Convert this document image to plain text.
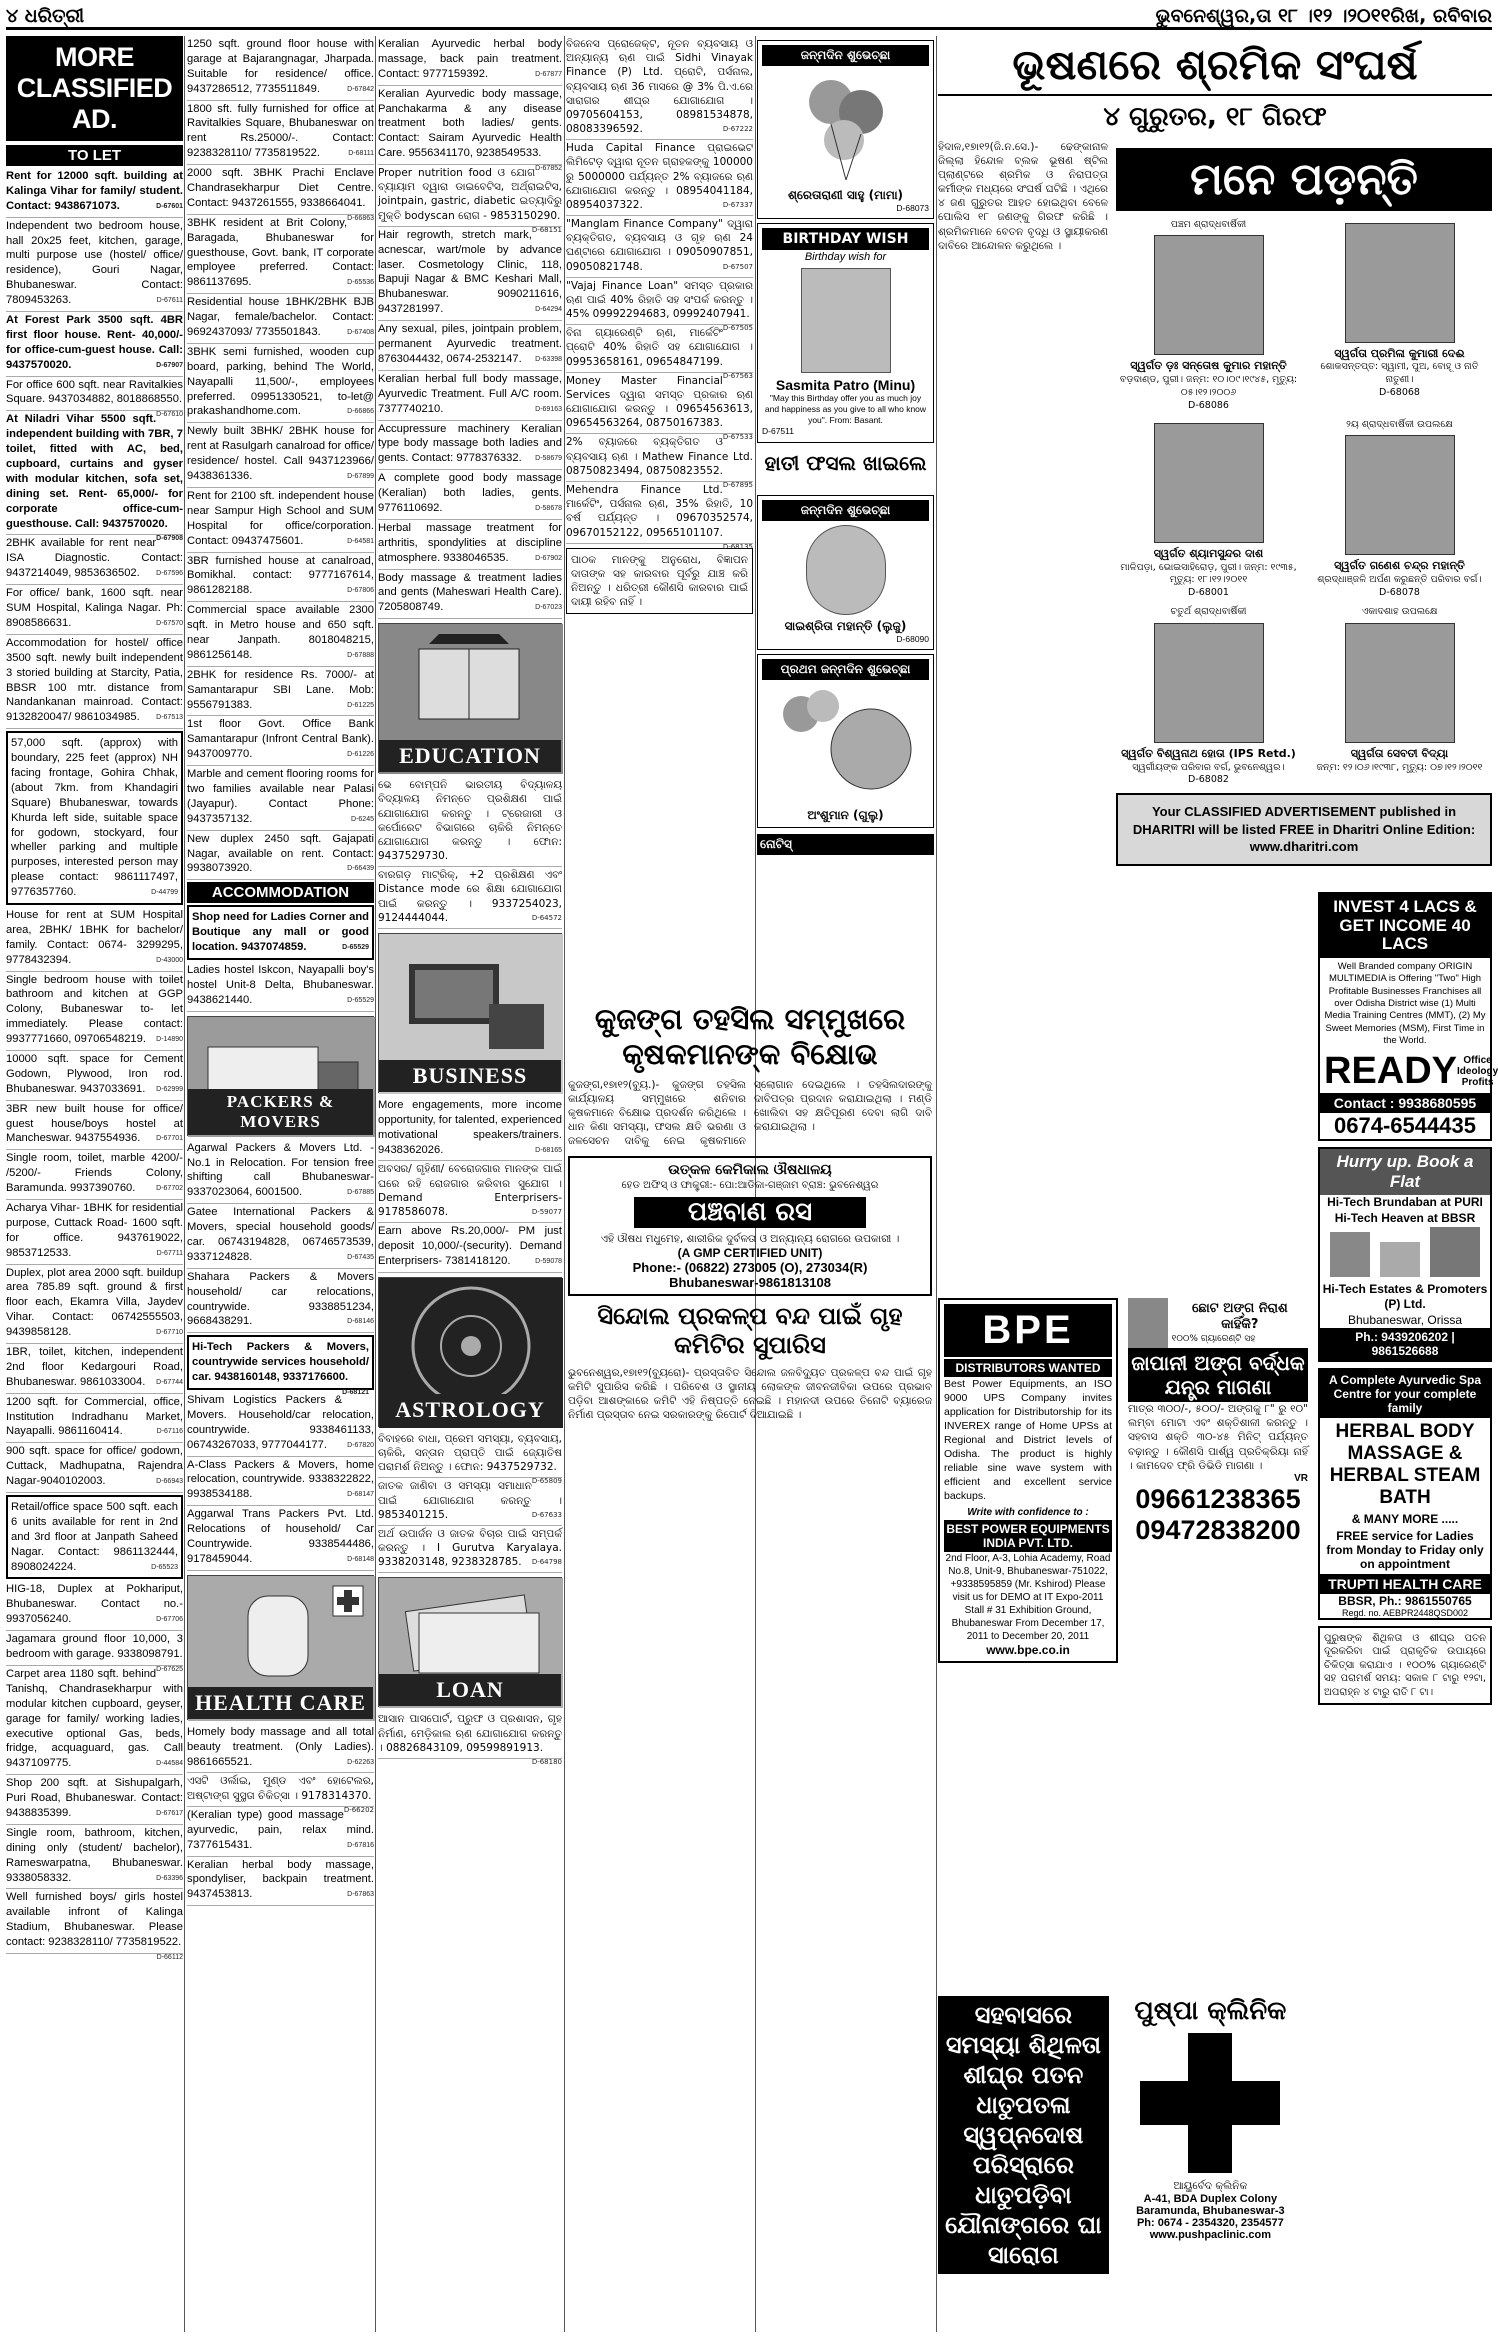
୪ ଧରିତ୍ରୀ	ଭୁବନେଶ୍ୱର,ତା ୧୮ ।୧୨ ।୨୦୧୧ରିଖ, ରବିବାର
MORE CLASSIFIED AD.
TO LET
Rent for 12000 sqft. building at Kalinga Vihar for family/ student. Contact: 9438671073.	D-67601
Independent two bedroom house, hall 20x25 feet, kitchen, garage, multi purpose use (hostel/ office/ residence), Gouri Nagar, Bhubaneswar. Contact: 7809453263.	D-67611
At Forest Park 3500 sqft. 4BR first floor house. Rent- 40,000/- for office-cum-guest house. Call: 9437570020.	D-67907
For office 600 sqft. near Ravitalkies Square. 9437034882, 8018868550.
D-67610
At Niladri Vihar 5500 sqft. independent building with 7BR, 7 toilet, fitted with AC, bed, cupboard, curtains and gyser with modular kitchen, sofa set, dining set. Rent- 65,000/- for corporate office-cum-guesthouse. Call: 9437570020.
D-67908
2BHK available for rent near ISA Diagnostic. Contact: 9437214049, 9853636502. D-67596
For office/ bank, 1600 sqft. near SUM Hospital, Kalinga Nagar. Ph: 8908586631.	D-67570
Accommodation for hostel/ office 3500 sqft. newly built independent 3 storied building at Starcity, Patia, BBSR 100 mtr. distance from Nandankanan mainroad. Contact: 9132820047/ 9861034985. D-67513
57,000 sqft. (approx) with boundary, 225 feet (approx) NH facing frontage, Gohira Chhak, (about 7km. from Khandagiri Square) Bhubaneswar, towards Khurda left side, suitable space for godown, stockyard, four wheller parking and multiple purposes, interested person may please contact: 9861117497, 9776357760.	D-44799
House for rent at SUM Hospital area, 2BHK/ 1BHK for bachelor/ family. Contact: 0674- 3299295, 9778432394.	D-43000
Single bedroom house with toilet bathroom and kitchen at GGP Colony, Bubaneswar to- let immediately. Please contact: 9937771660, 09706548219. D-14890
10000 sqft. space for Cement Godown, Plywood, Iron rod. Bhubaneswar. 9437033691. D-62999
3BR new built house for office/ guest house/boys hostel at Mancheswar. 9437554936. D-67701
Single room, toilet, marble 4200/- /5200/- Friends Colony, Baramunda. 9937390760.	D-67702
Acharya Vihar- 1BHK for residential purpose, Cuttack Road- 1600 sqft. for office. 9437619022, 9853712533.	D-67711
Duplex, plot area 2000 sqft. buildup area 785.89 sqft. ground & first floor each, Ekamra Villa, Jaydev Vihar. Contact: 06742555503, 9439858128.	D-67710
1BR, toilet, kitchen, independent 2nd floor Kedargouri Road, Bhubaneswar. 9861033004. D-67744
1200 sqft. for Commercial, office, Institution Indradhanu Market, Nayapalli. 9861160414.	D-67116
900 sqft. space for office/ godown, Cuttack, Madhupatna, Rajendra Nagar-9040102003.	D-66943
Retail/office space 500 sqft. each 6 units available for rent in 2nd and 3rd floor at Janpath Saheed Nagar. Contact: 9861132444, 8908024224.	D-65523
HIG-18, Duplex at Pokhariput, Bhubaneswar. Contact no.- 9937056240.	D-67706
Jagamara ground floor 10,000, 3 bedroom with garage. 9338098791.
D-67625
Carpet area 1180 sqft. behind Tanishq, Chandrasekharpur with modular kitchen cupboard, geyser, garage for family/ working ladies, executive optional Gas, beds, fridge, acquaguard, gas. Call 9437109775.	D-44584
Shop 200 sqft. at Sishupalgarh, Puri Road, Bhubaneswar. Contact: 9438835399.	D-67617
Single room, bathroom, kitchen, dining only (student/ bachelor), Rameswarpatna, Bhubaneswar. 9338058332.	D-63396
Well furnished boys/ girls hostel available infront of Kalinga Stadium, Bhubaneswar. Please contact: 9238328110/ 7735819522.
D-66112
1250 sqft. ground floor house with garage at Bajarangnagar, Jharpada. Suitable for residence/ office. 9437286512, 7735511849.	D-67842
1800 sft. fully furnished for office at Ravitalkies Square, Bhubaneswar on rent Rs.25000/-. Contact: 9238328110/ 7735819522.	D-68111
2000 sqft. 3BHK Prachi Enclave Chandrasekharpur Diet Centre. Contact: 9437261555, 9338664041.
D-66863
3BHK resident at Brit Colony, Baragada, Bhubaneswar for guesthouse, Govt. bank, IT corporate employee preferred. Contact: 9861137695.	D-65536
Residential house 1BHK/2BHK BJB Nagar, female/bachelor. Contact: 9692437093/ 7735501843.	D-67408
3BHK semi furnished, wooden cup board, parking, behind The World, Nayapalli 11,500/-, employees preferred. 09951330521, to-let@ prakashandhome.com.	D-66866
Newly built 3BHK/ 2BHK house for rent at Rasulgarh canalroad for office/ residence/ hostel. Call 9437123966/ 9438361336.	D-67899
Rent for 2100 sft. independent house near Sampur High School and SUM Hospital for office/corporation. Contact: 09437475601.	D-64581
3BR furnished house at canalroad, Bomikhal. contact: 9777167614, 9861282188.	D-67806
Commercial space available 2300 sqft. in Metro house and 650 sqft. near Janpath. 8018048215, 9861256148.	D-67888
2BHK for residence Rs. 7000/- at Samantarapur SBI Lane. Mob: 9556791383.	D-61225
1st floor Govt. Office Bank Samantarapur (Infront Central Bank). 9437009770.	D-61226
Marble and cement flooring rooms for two families available near Palasi (Jayapur). Contact Phone: 9437357132.	D-6245
New duplex 2450 sqft. Gajapati Nagar, available on rent. Contact: 9938073920.	D-66439
ACCOMMODATION
Shop need for Ladies Corner and Boutique any mall or good location. 9437074859.	D-65529
Ladies hostel Iskcon, Nayapalli boy's hostel Unit-8 Delta, Bhubaneswar. 9438621440.	D-65529
PACKERS & MOVERS
Agarwal Packers & Movers Ltd. - No.1 in Relocation. For tension free shifting call Bhubaneswar- 9337023064, 6001500.	D-67885
Gatee International Packers & Movers, special household goods/ car. 06743194828, 06746573539, 9337124828.	D-67435
Shahara Packers & Movers household/ car relocations, countrywide. 9338851234, 9668438291.	D-68146
Hi-Tech Packers & Movers, countrywide services household/ car. 9438160148, 9337176600.
D-68121
Shivam Logistics Packers & Movers. Household/car relocation, countrywide. 9338461133, 06743267033, 9777044177.	D-67820
A-Class Packers & Movers, home relocation, countrywide. 9338322822, 9938534188.	D-68147
Aggarwal Trans Packers Pvt. Ltd. Relocations of household/ Car Countrywide. 9338544486, 9178459044.	D-68148
HEALTH CARE
Homely body massage and all total beauty treatment. (Only Ladies). 9861665521.	D-62263
ଏସଟି ଓର୍ଲାଇ, ମୁଣ୍ଡ ଏବଂ ହୋଟେଲର, ଅଷ୍ଟାଙ୍ଗ ସୁସ୍ଥତା ଚିକିତ୍ସା । 9178314370.
D-66202
(Keralian type) good massage ayurvedic, pain, relax mind. 7377615431.	D-67816
Keralian herbal body massage, spondyliser, backpain treatment. 9437453813.	D-67863
Keralian Ayurvedic herbal body massage, back pain treatment. Contact: 9777159392.	D-67877
Keralian Ayurvedic body massage, Panchakarma & any disease treatment both ladies/ gents. Contact: Sairam Ayurvedic Health Care. 9556341170, 9238549533.
D-67852
Proper nutrition food ଓ ଯୋଗ ବ୍ୟାୟାମ ଦ୍ୱାରା ଡାଇବେଟିସ, ଅର୍ଥ୍ରାଇଟିସ, jointpain, gastric, diabetic ଇତ୍ୟାଦିରୁ ମୁକ୍ତି bodyscan ରୋଗ - 9853150290.
D-68151
Hair regrowth, stretch mark, acnescar, wart/mole by advance laser. Cosmetology Clinic, 118, Bapuji Nagar & BMC Keshari Mall, Bhubaneswar. 9090211616, 9437281997.	D-64294
Any sexual, piles, jointpain problem, permanent Ayurvedic treatment. 8763044432, 0674-2532147. D-63398
Keralian herbal full body massage, Ayurvedic Treatment. Full A/C room. 7377740210.	D-69163
Accupressure machinery Keralian type body massage both ladies and gents. Contact: 9778376332. D-58679
A complete good body massage (Keralian) both ladies, gents. 9776110692.	D-58678
Herbal massage treatment for arthritis, spondylities at discipline atmosphere. 9338046535.	D-67902
Body massage & treatment ladies and gents (Maheswari Health Care). 7205808749.	D-67023
EDUCATION
ଭେ ବୋମ୍ପନି ଭାରତୀୟ ବିଦ୍ୟାଳୟ ବିଦ୍ୟାଳୟ ନିମନ୍ତେ ପ୍ରଶିକ୍ଷଣ ପାଇଁ ଯୋଗାଯୋଗ କରନ୍ତୁ । ଟ୍ରେଜାରୀ ଓ କର୍ପୋରେଟ ବିଭାଗରେ ଚାକିରି ନିମନ୍ତେ ଯୋଗାଯୋଗ କରନ୍ତୁ । ଫୋନ: 9437529730.
ବାରଗଡ଼ ମାଟ୍ରିକ୍, +2 ପ୍ରଶିକ୍ଷଣ ଏବଂ Distance mode ରେ ଶିକ୍ଷା ଯୋଗାଯୋଗ ପାଇଁ କରନ୍ତୁ । 9337254023, 9124444044.	D-64572
BUSINESS
More engagements, more income opportunity, for talented, experienced motivational speakers/trainers. 9438362026.	D-68165
ଅବସର/ ଗୃହିଣୀ/ ବେରୋଜଗାର ମାନଙ୍କ ପାଇଁ ଘରେ ରହି ରୋଜଗାର କରିବାର ସୁଯୋଗ । Demand Enterprisers-9178586078.	D-59077
Earn above Rs.20,000/- PM just deposit 10,000/-(security). Demand Enterprisers- 7381418120.	D-59078
ASTROLOGY
ବିବାହରେ ବାଧା, ପ୍ରେମ ସମସ୍ୟା, ବ୍ୟବସାୟ, ଚାକିରି, ସନ୍ତାନ ପ୍ରାପ୍ତି ପାଇଁ ଜ୍ୟୋତିଷ ପରାମର୍ଶ ନିଅନ୍ତୁ । ଫୋନ: 9437529732.
D-65809
ଜାତକ ଜାଣିବା ଓ ସମସ୍ୟା ସମାଧାନ ପାଇଁ ଯୋଗାଯୋଗ କରନ୍ତୁ । 9853401215.	D-67633
ଅର୍ଥ ଉପାର୍ଜନ ଓ ଜାତକ ବିଚାର ପାଇଁ ସମ୍ପର୍କ କରନ୍ତୁ । I Gurutva Karyalaya. 9338203148, 9238328785. D-64798
LOAN
ଆସାନ ପାସପୋର୍ଟ, ପ୍ରୁଫ ଓ ପ୍ରଶାସନ, ଗୃହ ନିର୍ମାଣ, ମେଡ଼ିକାଲ ଋଣ ଯୋଗାଯୋଗ କରନ୍ତୁ । 08826843109, 09599891913.
D-68180
ବିଜନେସ ପ୍ରୋଜେକ୍ଟ, ନୂତନ ବ୍ୟବସାୟ ଓ ଅନ୍ୟାନ୍ୟ ଋଣ ପାଇଁ Sidhi Vinayak Finance (P) Ltd. ପ୍ରୋଟି, ପର୍ସନାଲ, ବ୍ୟବସାୟ ଋଣ 36 ମାସରେ @ 3% ପି.ଏ.ରେ ସାରାଗର ଶୀଘ୍ର ଯୋଗାଯୋଗ । 09705604153, 08981534878, 08083396592.	D-67222
Huda Capital Finance ପ୍ରାଇଭେଟ ଲିମିଟେଡ଼ ଦ୍ୱାରା ନୂତନ ଗ୍ରାହକଙ୍କୁ 100000 ରୁ 5000000 ପର୍ଯ୍ୟନ୍ତ 2% ବ୍ୟାଜରେ ଋଣ ଯୋଗାଯୋଗ କରନ୍ତୁ । 08954041184, 08954037322.	D-67337
"Manglam Finance Company" ଦ୍ୱାରା ବ୍ୟକ୍ତିଗତ, ବ୍ୟବସାୟ ଓ ଗୃହ ଋଣ 24 ଘଣ୍ଟାରେ ଯୋଗାଯୋଗ । 09050907851, 09050821748.	D-67507
"Vajaj Finance Loan" ସମସ୍ତ ପ୍ରକାର ଋଣ ପାଇଁ 40% ରିହାତି ସହ ସଂପର୍କ କରନ୍ତୁ । 45% 09992294683, 09992407941.
D-67505
ବିନା ଗ୍ୟାରେଣ୍ଟି ଋଣ, ମାର୍କେଟିଂ ପ୍ରୋଟି 40% ରିହାତି ସହ ଯୋଗାଯୋଗ । 09953658161, 09654847199.
D-67563
Money Master Financial Services ଦ୍ୱାରା ସମସ୍ତ ପ୍ରକାର ଋଣ ଯୋଗାଯୋଗ କରନ୍ତୁ । 09654563613, 09654563264, 08750167383.
D-67533
2% ବ୍ୟାଜରେ ବ୍ୟକ୍ତିଗତ ଓ ବ୍ୟବସାୟ ଋଣ । Mathew Finance Ltd. 08750823494, 08750823552.
D-67895
Mehendra Finance Ltd. ମାର୍କେଟିଂ, ପର୍ସନାଲ ଋଣ, 35% ରିହାତି, 10 ବର୍ଷ ପର୍ଯ୍ୟନ୍ତ । 09670352574, 09670152122, 09565101107.
D-68135
ପାଠକ ମାନଙ୍କୁ ଅନୁରୋଧ, ବିଜ୍ଞାପନ ଦାତାଙ୍କ ସହ କାରବାର ପୂର୍ବରୁ ଯାଞ୍ଚ କରି ନିଅନ୍ତୁ । ଧରିତ୍ରୀ କୌଣସି କାରବାର ପାଇଁ ଦାୟୀ ରହିବ ନାହିଁ ।
ଜନ୍ମଦିନ ଶୁଭେଚ୍ଛା
ଶ୍ରେତାରାଣୀ ସାହୁ (ମାମା)
D-68073
BIRTHDAY WISH
Birthday wish for
Sasmita Patro (Minu)
"May this Birthday offer you as much joy and happiness as you give to all who know you". From: Basant.
D-67511
ହାତୀ ଫସଲ ଖାଇଲେ
ଜନ୍ମଦିନ ଶୁଭେଚ୍ଛା
ସାଇଶ୍ରିତା ମହାନ୍ତି (ଲୁଜୁ)
D-68090
ପ୍ରଥମ ଜନ୍ମଦିନ ଶୁଭେଚ୍ଛା
ଅଂଶୁମାନ (ଗୁଲୁ)
ନୋଟିସ୍
କୁଜଙ୍ଗ ତହସିଲ ସମ୍ମୁଖରେ କୃଷକମାନଙ୍କ ବିକ୍ଷୋଭ
କୁଜଙ୍ଗ,୧୭ା୧୨(ବ୍ୟୁ.)- କୁଜଙ୍ଗ ତହସିଲ କାର୍ଯ୍ୟାଳୟ ସମ୍ମୁଖରେ ଶନିବାର କୃଷକମାନେ ବିକ୍ଷୋଭ ପ୍ରଦର୍ଶନ କରିଥିଲେ । ଧାନ କିଣା ସମସ୍ୟା, ଫସଲ କ୍ଷତି ଭରଣା ଓ ଜଳସେଚନ ଦାବିକୁ ନେଇ କୃଷକମାନେ ସ୍ଲୋଗାନ ଦେଇଥିଲେ । ତହସିଲଦାରଙ୍କୁ ଦାବିପତ୍ର ପ୍ରଦାନ କରାଯାଇଥିଲା । ମଣ୍ଡି ଖୋଲିବା ସହ କ୍ଷତିପୂରଣ ଦେବା ଲାଗି ଦାବି କରାଯାଇଥିଲା ।
ଉତ୍କଳ କେମିକାଲ ଔଷଧାଳୟ
ହେଡ ଅଫିସ୍ ଓ ଫାକ୍ଟ୍ରୀ:- ପୋ:ଆଡିକା-ଗଞ୍ଜାମ ବ୍ରାଞ୍ଚ: ଭୁବନେଶ୍ୱର
ପଞ୍ଚବାଣ ରସ
ଏହି ଔଷଧ ମଧୁମେହ, ଶାରୀରିକ ଦୁର୍ବଳତା ଓ ଅନ୍ୟାନ୍ୟ ରୋଗରେ ଉପକାରୀ ।
(A GMP CERTIFIED UNIT)
Phone:- (06822) 273005 (O), 273034(R)
Bhubaneswar-9861813108
ସିନ୍ଦୋଲ ପ୍ରକଳ୍ପ ବନ୍ଦ ପାଇଁ ଗୃହ କମିଟିର ସୁପାରିସ
ଭୁବନେଶ୍ୱର,୧୭ା୧୨(ବ୍ୟୁରୋ)- ପ୍ରସ୍ତାବିତ ସିନ୍ଦୋଲ ଜଳବିଦ୍ୟୁତ ପ୍ରକଳ୍ପ ବନ୍ଦ ପାଇଁ ଗୃହ କମିଟି ସୁପାରିସ କରିଛି । ପରିବେଶ ଓ ସ୍ଥାନୀୟ ଲୋକଙ୍କ ଜୀବନଜୀବିକା ଉପରେ ପ୍ରଭାବ ପଡ଼ିବା ଆଶଙ୍କାରେ କମିଟି ଏହି ନିଷ୍ପତ୍ତି ନେଇଛି । ମହାନଦୀ ଉପରେ ତିନୋଟି ବ୍ୟାରେଜ ନିର୍ମାଣ ପ୍ରସ୍ତାବ ନେଇ ସରକାରଙ୍କୁ ରିପୋର୍ଟ ଦିଆଯାଇଛି ।
ଭୂଷଣରେ ଶ୍ରମିକ ସଂଘର୍ଷ
୪ ଗୁରୁତର, ୧୮ ଗିରଫ
ହିଦାଳ,୧୭ା୧୨(ଜି.ନ.ସେ.)- ଢେଙ୍କାନାଳ ଜିଲ୍ଲା ହିନ୍ଦୋଳ ବ୍ଲକ ଭୂଷଣ ଷ୍ଟିଲ ପ୍ଲାଣ୍ଟରେ ଶ୍ରମିକ ଓ ନିରାପତ୍ତା କର୍ମୀଙ୍କ ମଧ୍ୟରେ ସଂଘର୍ଷ ଘଟିଛି । ଏଥିରେ ୪ ଜଣ ଗୁରୁତର ଆହତ ହୋଇଥିବା ବେଳେ ପୋଲିସ ୧୮ ଜଣଙ୍କୁ ଗିରଫ କରିଛି । ଶ୍ରମିକମାନେ ବେତନ ବୃଦ୍ଧି ଓ ସ୍ଥାୟୀକରଣ ଦାବିରେ ଆନ୍ଦୋଳନ କରୁଥିଲେ ।
ମନେ ପଡ଼ନ୍ତି
ପଞ୍ଚମ ଶ୍ରାଦ୍ଧବାର୍ଷିକୀ
ସ୍ୱର୍ଗତ ଡ଼ଃ ସନ୍ତୋଷ କୁମାର ମହାନ୍ତି
ବଡ଼ଦାଣ୍ଡ, ପୁରୀ। ଜନ୍ମ: ୧୦।୦୯।୧୯୪୫, ମୃତ୍ୟୁ: ୦୫।୧୨।୨୦୦୬
D-68086
ସ୍ୱର୍ଗତା ପ୍ରମିଳା କୁମାରୀ ଦେଈ
ଶୋକସନ୍ତପ୍ତ: ସ୍ୱାମୀ, ପୁଅ, ବୋହୂ ଓ ନାତି ନାତୁଣୀ।
D-68068
ସ୍ୱର୍ଗତ ଶ୍ୟାମସୁନ୍ଦର ଦାଶ
ମାଳିପଡ଼ା, ଭୋଇସାହିରୋଡ଼, ପୁରୀ। ଜନ୍ମ: ୧୯୩୫, ମୃତ୍ୟୁ: ୧୮।୧୨।୨୦୧୧
D-68001
୨ୟ ଶ୍ରାଦ୍ଧବାର୍ଷିକୀ ଉପଲକ୍ଷେ
ସ୍ୱର୍ଗତ ଗଣେଶ ଚନ୍ଦ୍ର ମହାନ୍ତି
ଶ୍ରଦ୍ଧାଞ୍ଜଳି ଅର୍ପଣ କରୁଛନ୍ତି ପରିବାର ବର୍ଗ।
D-68078
ଚତୁର୍ଥ ଶ୍ରାଦ୍ଧବାର୍ଷିକୀ
ସ୍ୱର୍ଗତ ବିଶ୍ୱନାଥ ହୋତା (IPS Retd.)
ସ୍ୱର୍ଗୀୟଙ୍କ ପରିବାର ବର୍ଗ, ଭୁବନେଶ୍ୱର।
D-68082
ଏକାଦଶାହ ଉପଲକ୍ଷେ
ସ୍ୱର୍ଗତା ସେବତୀ ବିଦ୍ୟା
ଜନ୍ମ: ୧୨।୦୬।୧୯୩୮, ମୃତ୍ୟୁ: ୦୭।୧୨।୨୦୧୧
Your CLASSIFIED ADVERTISEMENT published in DHARITRI will be listed FREE in Dharitri Online Edition: www.dharitri.com
BPE
DISTRIBUTORS WANTED
Best Power Equipments, an ISO 9000 UPS Company invites application for Distributorship for its INVEREX range of Home UPSs at Regional and District levels of Odisha. The product is highly reliable sine wave system with efficient and excellent service backups.
Write with confidence to :
BEST POWER EQUIPMENTS INDIA PVT. LTD.
2nd Floor, A-3, Lohia Academy, Road No.8, Unit-9, Bhubaneswar-751022, +9338595859 (Mr. Kshirod) Please visit us for DEMO at IT Expo-2011 Stall # 31 Exhibition Ground, Bhubaneswar From December 17, 2011 to December 20, 2011
www.bpe.co.in
ଛୋଟ ଅଙ୍ଗ ନିରାଶ କାହିଁକି?
୧୦୦% ଗ୍ୟାରେଣ୍ଟି ସହ
ଜାପାନୀ ଅଙ୍ଗ ବର୍ଦ୍ଧକ ଯନ୍ତ୍ର ମାଗଣା
ମାତ୍ର ୩୦୦/-, ୫୦୦/- ଅଙ୍ଗକୁ ୮" ରୁ ୧୦" ଲମ୍ବା ମୋଟା ଏବଂ ଶକ୍ତିଶାଳୀ କରନ୍ତୁ । ସହବାସ ଶକ୍ତି ୩୦-୪୫ ମିନିଟ୍ ପର୍ଯ୍ୟନ୍ତ ବଢ଼ାନ୍ତୁ । କୌଣସି ପାର୍ଶ୍ୱ ପ୍ରତିକ୍ରିୟା ନାହିଁ । କାମଦେବ ଫ୍ରି ଡିଭିଡି ମାଗଣା ।
VR
09661238365
09472838200
INVEST 4 LACS & GET INCOME 40 LACS
Well Branded company ORIGIN MULTIMEDIA is Offering "Two" High Profitable Businesses Franchises all over Odisha District wise (1) Multi Media Training Centres (MMT), (2) My Sweet Memories (MSM), First Time in the World.
READY Office Ideology Profits
Contact : 9938680595
0674-6544435
Hurry up. Book a Flat
Hi-Tech Brundaban at PURI
Hi-Tech Heaven at BBSR
Hi-Tech Estates & Promoters (P) Ltd.
Bhubaneswar, Orissa
Ph.: 9439206202 | 9861526688
A Complete Ayurvedic Spa Centre for your complete family
HERBAL BODY MASSAGE & HERBAL STEAM BATH
& MANY MORE .....
FREE service for Ladies from Monday to Friday only on appointment
TRUPTI HEALTH CARE
BBSR, Ph.: 9861550765
Regd. no. AEBPR2448QSD002
ପୁରୁଷଙ୍କ ଶିଥିଳତା ଓ ଶୀଘ୍ର ପତନ ଦୂରକରିବା ପାଇଁ ପ୍ରାକୃତିକ ଉପାୟରେ ଚିକିତ୍ସା କରାଯାଏ । ୧୦୦% ଗ୍ୟାରେଣ୍ଟି ସହ ପରାମର୍ଶ ସମୟ: ସକାଳ ୮ ଟାରୁ ୧୨ଟା, ଅପରାହ୍ନ ୪ ଟାରୁ ରାତି ୮ ଟା।
ସହବାସରେ ସମସ୍ୟା ଶିଥିଳତା ଶୀଘ୍ର ପତନ ଧାତୁପତଳା ସ୍ୱପ୍ନଦୋଷ ପରିସ୍ରାରେ ଧାତୁପଡ଼ିବା ଯୌନାଙ୍ଗରେ ଘା ସାରୋଗ
ପୁଷ୍ପା କ୍ଲିନିକ
ଆୟୁର୍ବେଦ କ୍ଲିନିକ
A-41, BDA Duplex Colony Baramunda, Bhubaneswar-3
Ph: 0674 - 2354320, 2354577
www.pushpaclinic.com
